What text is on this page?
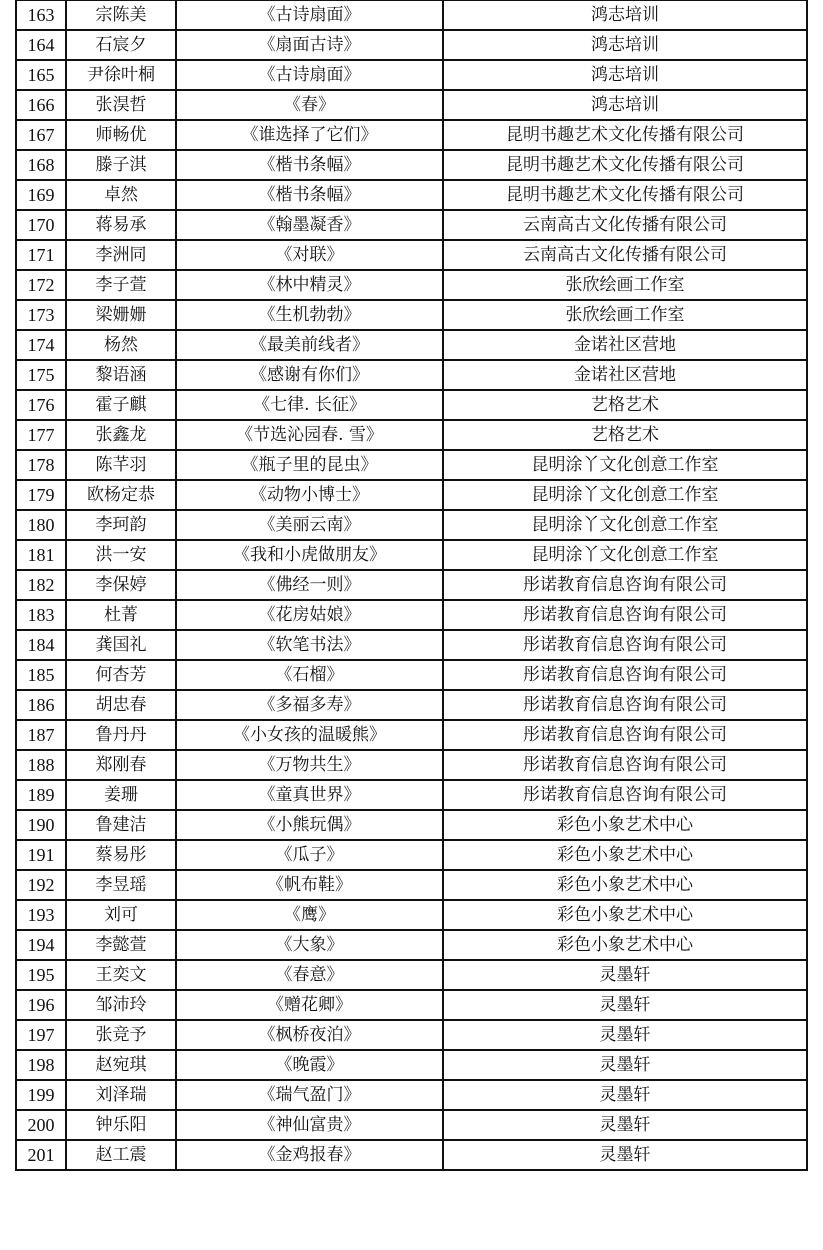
163	宗陈美	《古诗扇面》	鸿志培训
164	石宸夕	《扇面古诗》	鸿志培训
165	尹徐叶桐	《古诗扇面》	鸿志培训
166	张淏哲	《春》	鸿志培训
167	师畅优	《谁选择了它们》	昆明书趣艺术文化传播有限公司
168	滕子淇	《楷书条幅》	昆明书趣艺术文化传播有限公司
169	卓然	《楷书条幅》	昆明书趣艺术文化传播有限公司
170	蒋易承	《翰墨凝香》	云南高古文化传播有限公司
171	李洲同	《对联》	云南高古文化传播有限公司
172	李子萱	《林中精灵》	张欣绘画工作室
173	梁姗姗	《生机勃勃》	张欣绘画工作室
174	杨然	《最美前线者》	金诺社区营地
175	黎语涵	《感谢有你们》	金诺社区营地
176	霍子麒	《七律. 长征》	艺格艺术
177	张鑫龙	《节选沁园春. 雪》	艺格艺术
178	陈芊羽	《瓶子里的昆虫》	昆明涂丫文化创意工作室
179	欧杨定恭	《动物小博士》	昆明涂丫文化创意工作室
180	李珂韵	《美丽云南》	昆明涂丫文化创意工作室
181	洪一安	《我和小虎做朋友》	昆明涂丫文化创意工作室
182	李保婷	《佛经一则》	彤诺教育信息咨询有限公司
183	杜菁	《花房姑娘》	彤诺教育信息咨询有限公司
184	龚国礼	《软笔书法》	彤诺教育信息咨询有限公司
185	何杏芳	《石榴》	彤诺教育信息咨询有限公司
186	胡忠春	《多福多寿》	彤诺教育信息咨询有限公司
187	鲁丹丹	《小女孩的温暖熊》	彤诺教育信息咨询有限公司
188	郑刚春	《万物共生》	彤诺教育信息咨询有限公司
189	姜珊	《童真世界》	彤诺教育信息咨询有限公司
190	鲁建洁	《小熊玩偶》	彩色小象艺术中心
191	蔡易彤	《瓜子》	彩色小象艺术中心
192	李昱瑶	《帆布鞋》	彩色小象艺术中心
193	刘可	《鹰》	彩色小象艺术中心
194	李懿萱	《大象》	彩色小象艺术中心
195	王奕文	《春意》	灵墨轩
196	邹沛玲	《赠花卿》	灵墨轩
197	张竞予	《枫桥夜泊》	灵墨轩
198	赵宛琪	《晚霞》	灵墨轩
199	刘泽瑞	《瑞气盈门》	灵墨轩
200	钟乐阳	《神仙富贵》	灵墨轩
201	赵工震	《金鸡报春》	灵墨轩
